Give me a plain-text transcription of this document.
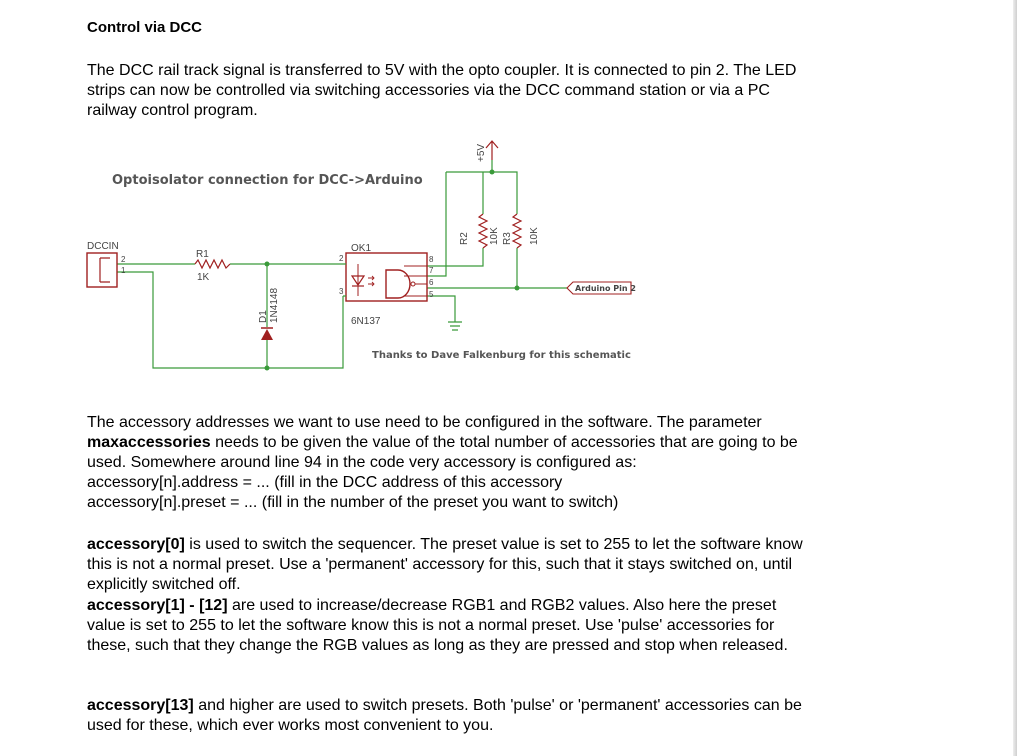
Control via DCC

The DCC rail track signal is transferred to 5V with the opto coupler. It is connected to pin 2. The LED
strips can now be controlled via switching accessories via the DCC command station or via a PC
railway control program.

The accessory addresses we want to use need to be configured in the software. The parameter
maxaccessories needs to be given the value of the total number of accessories that are going to be
used. Somewhere around line 94 in the code very accessory is configured as:
accessory[n].address = ... (fill in the DCC address of this accessory
accessory[n].preset = ... (fill in the number of the preset you want to switch)

accessory[0] is used to switch the sequencer. The preset value is set to 255 to let the software know
this is not a normal preset. Use a 'permanent' accessory for this, such that it stays switched on, until
explicitly switched off.

accessory[1] - [12] are used to increase/decrease RGB1 and RGB2 values. Also here the preset
value is set to 255 to let the software know this is not a normal preset. Use 'pulse' accessories for
these, such that they change the RGB values as long as they are pressed and stop when released.

accessory[13] and higher are used to switch presets. Both 'pulse' or 'permanent' accessories can be
used for these, which ever works most convenient to you.

DCCIN
2
1
R1
1K
D1 1N4148
OK1
6N137
2
3
8
7
6
5
R2 10K R3 10K
+5V
Arduino Pin 2
Optoisolator connection for DCC->Arduino
Thanks to Dave Falkenburg for this schematic
